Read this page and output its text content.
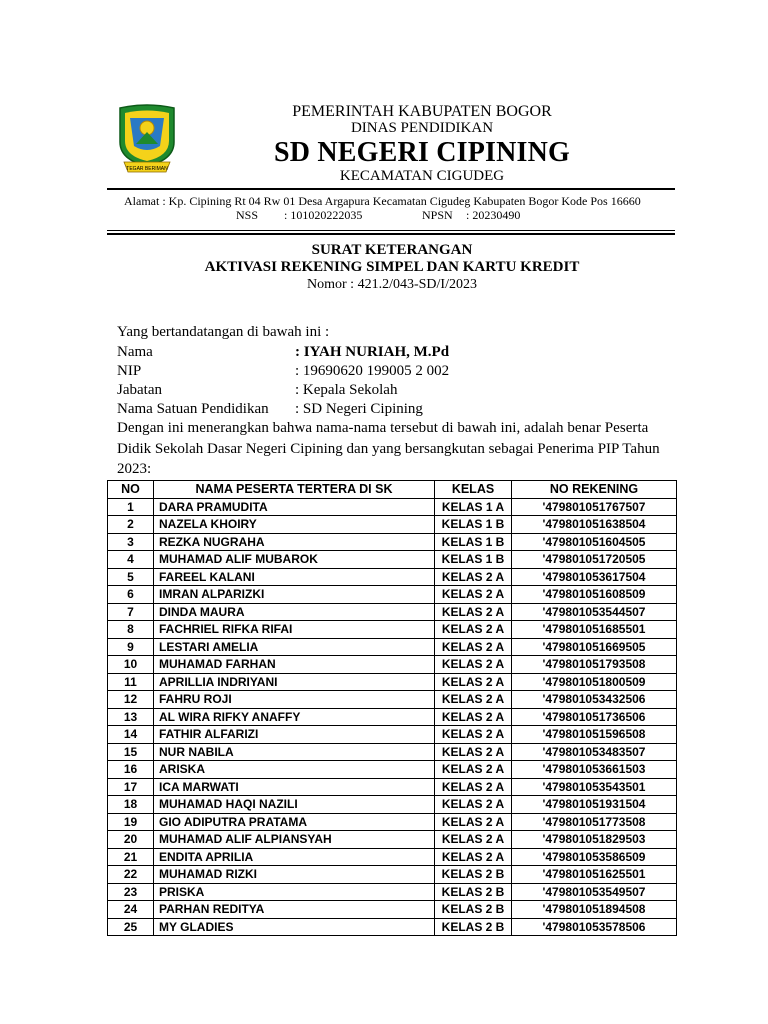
TEGAR BERIMAN
PEMERINTAH KABUPATEN BOGOR
DINAS PENDIDIKAN
SD NEGERI CIPINING
KECAMATAN CIGUDEG
Alamat : Kp. Cipining Rt 04 Rw 01 Desa Argapura Kecamatan Cigudeg Kabupaten Bogor Kode Pos 16660
NSS : 101020222035	NPSN : 20230490
SURAT KETERANGAN
AKTIVASI REKENING SIMPEL DAN KARTU KREDIT
Nomor : 421.2/043-SD/I/2023
Yang bertandatangan di bawah ini :
Nama	: IYAH NURIAH, M.Pd
NIP	: 19690620 199005 2 002
Jabatan	: Kepala Sekolah
Nama Satuan Pendidikan : SD Negeri Cipining
Dengan ini menerangkan bahwa nama-nama tersebut di bawah ini, adalah benar Peserta
Didik Sekolah Dasar Negeri Cipining dan yang bersangkutan sebagai Penerima PIP Tahun
2023:
NO	NAMA PESERTA TERTERA DI SK	KELAS	NO REKENING
1	DARA PRAMUDITA	KELAS 1 A	'479801051767507
2	NAZELA KHOIRY	KELAS 1 B	'479801051638504
3	REZKA NUGRAHA	KELAS 1 B	'479801051604505
4	MUHAMAD ALIF MUBAROK	KELAS 1 B	'479801051720505
5	FAREEL KALANI	KELAS 2 A	'479801053617504
6	IMRAN ALPARIZKI	KELAS 2 A	'479801051608509
7	DINDA MAURA	KELAS 2 A	'479801053544507
8	FACHRIEL RIFKA RIFAI	KELAS 2 A	'479801051685501
9	LESTARI AMELIA	KELAS 2 A	'479801051669505
10	MUHAMAD FARHAN	KELAS 2 A	'479801051793508
11	APRILLIA INDRIYANI	KELAS 2 A	'479801051800509
12	FAHRU ROJI	KELAS 2 A	'479801053432506
13	AL WIRA RIFKY ANAFFY	KELAS 2 A	'479801051736506
14	FATHIR ALFARIZI	KELAS 2 A	'479801051596508
15	NUR NABILA	KELAS 2 A	'479801053483507
16	ARISKA	KELAS 2 A	'479801053661503
17	ICA MARWATI	KELAS 2 A	'479801053543501
18	MUHAMAD HAQI NAZILI	KELAS 2 A	'479801051931504
19	GIO ADIPUTRA PRATAMA	KELAS 2 A	'479801051773508
20	MUHAMAD ALIF ALPIANSYAH	KELAS 2 A	'479801051829503
21	ENDITA APRILIA	KELAS 2 A	'479801053586509
22	MUHAMAD RIZKI	KELAS 2 B	'479801051625501
23	PRISKA	KELAS 2 B	'479801053549507
24	PARHAN REDITYA	KELAS 2 B	'479801051894508
25	MY GLADIES	KELAS 2 B	'479801053578506
